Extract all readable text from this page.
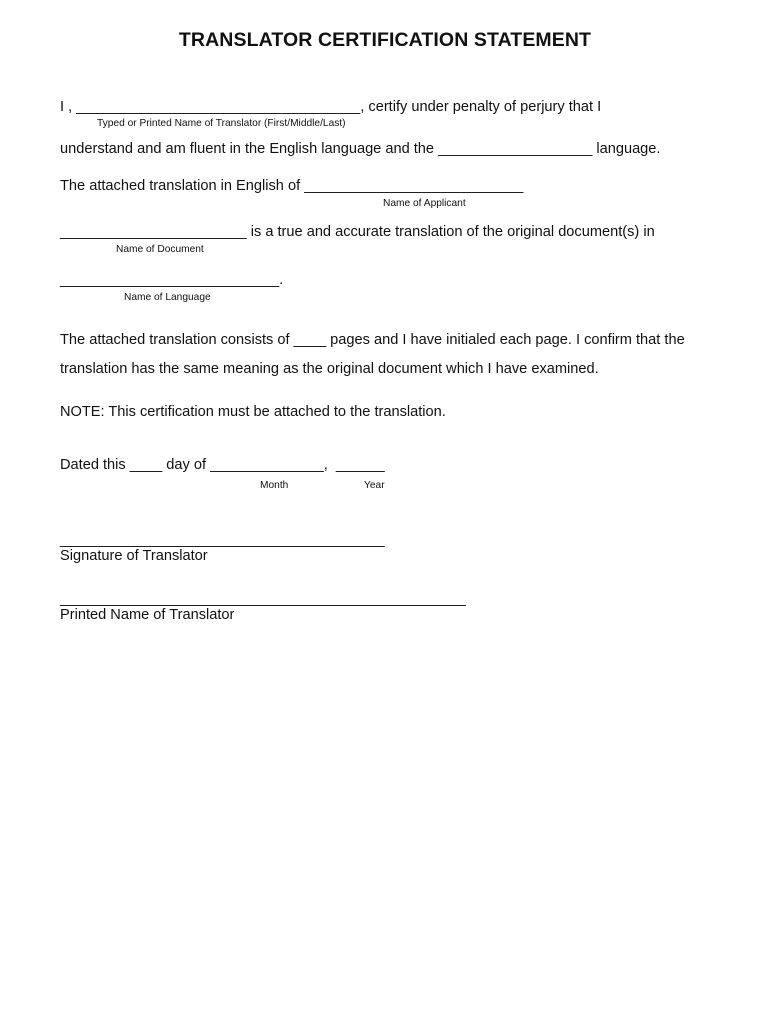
TRANSLATOR CERTIFICATION STATEMENT
I , ___________________________________, certify under penalty of perjury that I
Typed or Printed Name of Translator (First/Middle/Last)
understand and am fluent in the English language and the ___________________ language.
The attached translation in English of ___________________________
Name of Applicant
_______________________ is a true and accurate translation of the original document(s) in
Name of Document
___________________________.
Name of Language
The attached translation consists of ____ pages and I have initialed each page. I confirm that the
translation has the same meaning as the original document which I have examined.
NOTE: This certification must be attached to the translation.
Dated this ____ day of ______________,  ______
Month	Year
________________________________________
Signature of Translator
__________________________________________________
Printed Name of Translator
